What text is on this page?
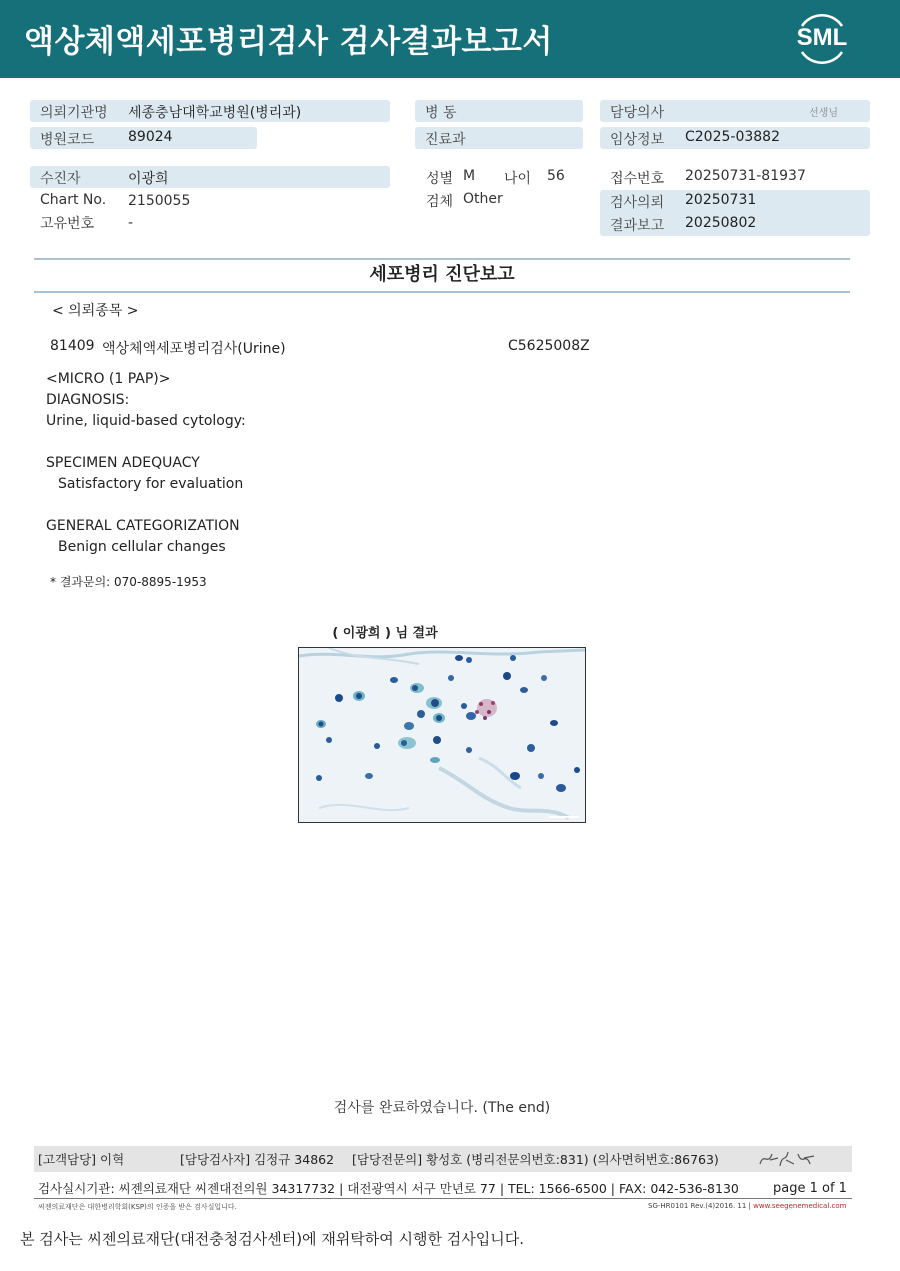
액상체액세포병리검사 검사결과보고서	SML
의뢰기관명 세종충남대학교병원(병리과)	병 동	담당의사	선생님
병원코드 89024	진료과	임상정보 C2025-03882
수진자	이광희	성별 M 나이 56	접수번호 20250731-81937
Chart No. 2150055	검체 Other	검사의뢰 20250731
결과보고 20250802
고유번호 -
세포병리 진단보고
< 의뢰종목 >
81409 액상체액세포병리검사(Urine)	C5625008Z
<MICRO (1 PAP)>
DIAGNOSIS:
Urine, liquid-based cytology:
SPECIMEN ADEQUACY
Satisfactory for evaluation
GENERAL CATEGORIZATION
Benign cellular changes
* 결과문의: 070-8895-1953
( 이광희 ) 님 결과
검사를 완료하였습니다. (The end)
[고객담당] 이혁	[담당검사자] 김정규 34862 [담당전문의] 황성호 (병리전문의번호:831) (의사면허번호:86763)
검사실시기관: 씨젠의료재단 씨젠대전의원 34317732 | 대전광역시 서구 만년로 77 | TEL: 1566-6500 | FAX: 042-536-8130	page 1 of 1
씨젠의료재단은 대한병리학회(KSP)의 인증을 받은 검사실입니다.	SG-HR0101 Rev.(4)2016. 11 | www.seegenemedical.com
본 검사는 씨젠의료재단(대전충청검사센터)에 재위탁하여 시행한 검사입니다.
